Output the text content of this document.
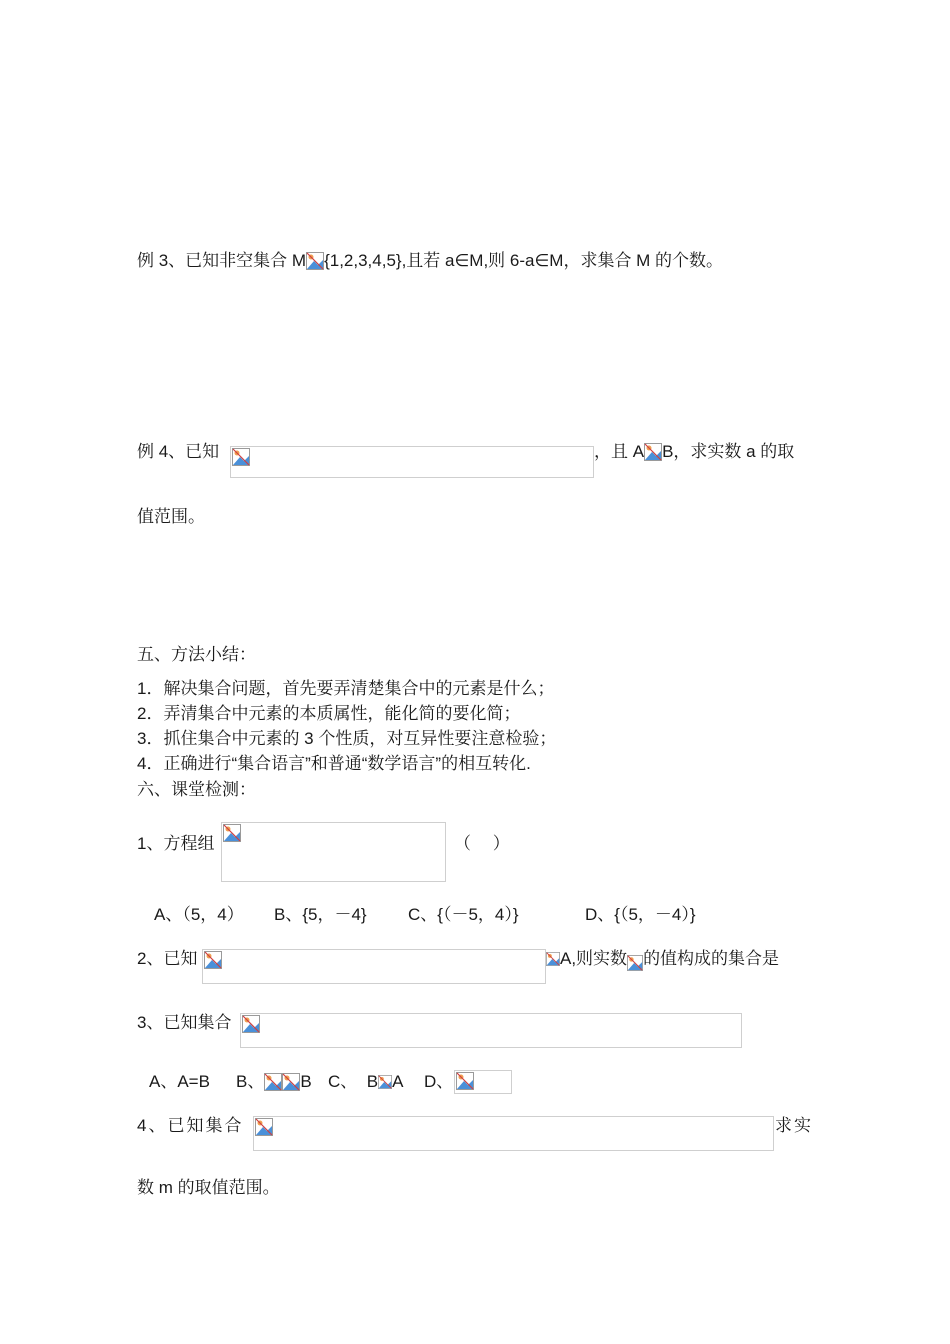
例 3、已知非空集合 M {1,2,3,4,5},且若 a∈M,则 6-a∈M，求集合 M 的个数。
例 4、已知	，且 A B，求实数 a 的取
值范围。
五、方法小结：
1．解决集合问题，首先要弄清楚集合中的元素是什么；
2．弄清集合中元素的本质属性，能化简的要化简；
3．抓住集合中元素的 3 个性质，对互异性要注意检验；
4．正确进行“集合语言”和普通“数学语言”的相互转化.
六、课堂检测：
1、方程组	（　 ）
A、（5，4） B、{5，－4} C、{（－5，4）}	D、{（5，－4）}
2、已知	A,则实数 的值构成的集合是
3、已知集合
A、A=B B、 B C、 B A D、
4、已知集合	求实
数 m 的取值范围。
